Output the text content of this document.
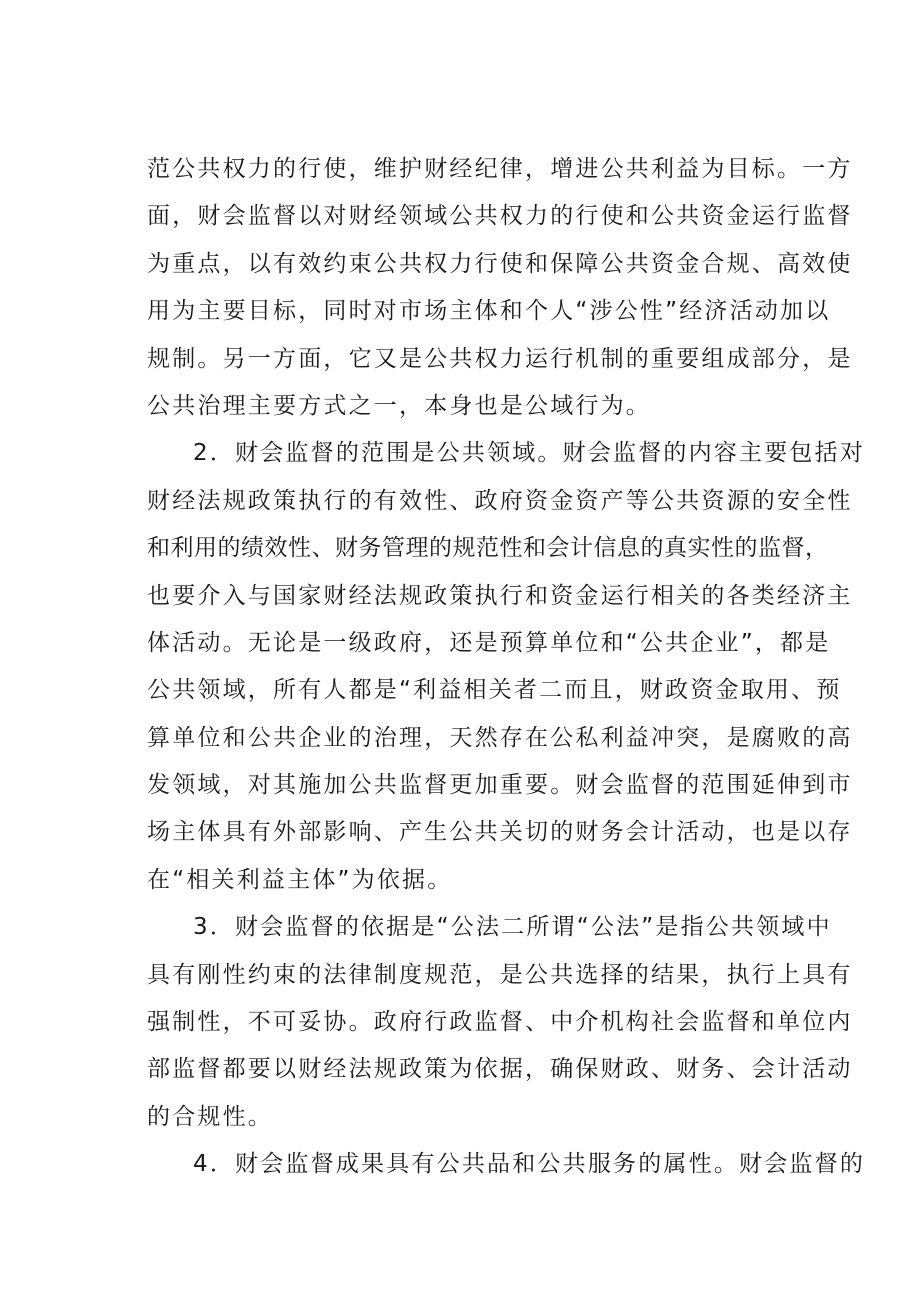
范公共权力的行使，维护财经纪律，增进公共利益为目标。一方
面，财会监督以对财经领域公共权力的行使和公共资金运行监督
为重点，以有效约束公共权力行使和保障公共资金合规、高效使
用为主要目标，同时对市场主体和个人“涉公性”经济活动加以
规制。另一方面，它又是公共权力运行机制的重要组成部分，是
公共治理主要方式之一，本身也是公域行为。
2．财会监督的范围是公共领域。财会监督的内容主要包括对
财经法规政策执行的有效性、政府资金资产等公共资源的安全性
和利用的绩效性、财务管理的规范性和会计信息的真实性的监督，
也要介入与国家财经法规政策执行和资金运行相关的各类经济主
体活动。无论是一级政府，还是预算单位和“公共企业”，都是
公共领域，所有人都是“利益相关者二而且，财政资金取用、预
算单位和公共企业的治理，天然存在公私利益冲突，是腐败的高
发领域，对其施加公共监督更加重要。财会监督的范围延伸到市
场主体具有外部影响、产生公共关切的财务会计活动，也是以存
在“相关利益主体”为依据。
3．财会监督的依据是“公法二所谓“公法”是指公共领域中
具有刚性约束的法律制度规范，是公共选择的结果，执行上具有
强制性，不可妥协。政府行政监督、中介机构社会监督和单位内
部监督都要以财经法规政策为依据，确保财政、财务、会计活动
的合规性。
4．财会监督成果具有公共品和公共服务的属性。财会监督的
